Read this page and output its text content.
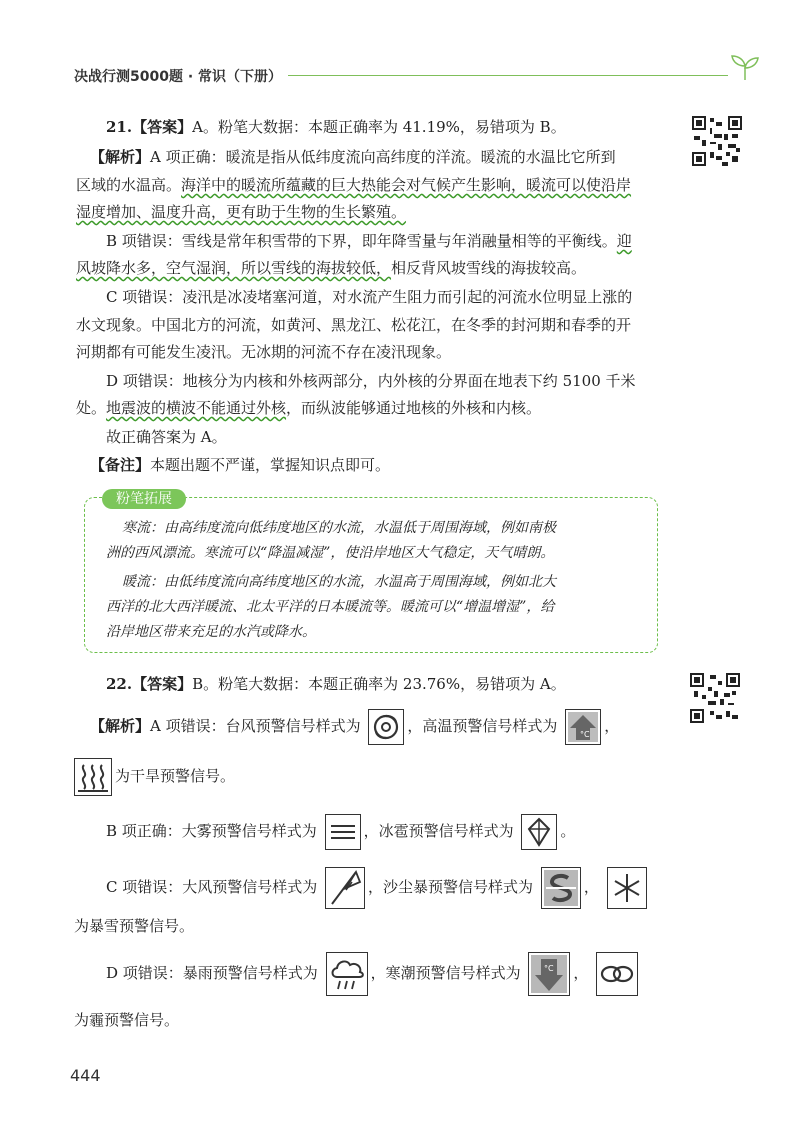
决战行测5000题 · 常识（下册）
21.【答案】A。粉笔大数据：本题正确率为 41.19%，易错项为 B。
【解析】A 项正确：暖流是指从低纬度流向高纬度的洋流。暖流的水温比它所到
区域的水温高。海洋中的暖流所蕴藏的巨大热能会对气候产生影响，暖流可以使沿岸
湿度增加、温度升高，更有助于生物的生长繁殖。
B 项错误：雪线是常年积雪带的下界，即年降雪量与年消融量相等的平衡线。迎
风坡降水多，空气湿润，所以雪线的海拔较低，相反背风坡雪线的海拔较高。
C 项错误：凌汛是冰凌堵塞河道，对水流产生阻力而引起的河流水位明显上涨的
水文现象。中国北方的河流，如黄河、黑龙江、松花江，在冬季的封河期和春季的开
河期都有可能发生凌汛。无冰期的河流不存在凌汛现象。
D 项错误：地核分为内核和外核两部分，内外核的分界面在地表下约 5100 千米
处。地震波的横波不能通过外核，而纵波能够通过地核的外核和内核。
故正确答案为 A。
【备注】本题出题不严谨，掌握知识点即可。
粉笔拓展
寒流：由高纬度流向低纬度地区的水流，水温低于周围海域，例如南极
洲的西风漂流。寒流可以“降温减湿”，使沿岸地区大气稳定，天气晴朗。
暖流：由低纬度流向高纬度地区的水流，水温高于周围海域，例如北大
西洋的北大西洋暖流、北太平洋的日本暖流等。暖流可以“增温增湿”，给
沿岸地区带来充足的水汽或降水。
22.【答案】B。粉笔大数据：本题正确率为 23.76%，易错项为 A。
【解析】A 项错误：台风预警信号样式为	，高温预警信号样式为	°C ，
为干旱预警信号。
B 项正确：大雾预警信号样式为	，冰雹预警信号样式为	。
C 项错误：大风预警信号样式为	，沙尘暴预警信号样式为	，
为暴雪预警信号。
D 项错误：暴雨预警信号样式为	，寒潮预警信号样式为	°C ，
为霾预警信号。
444
